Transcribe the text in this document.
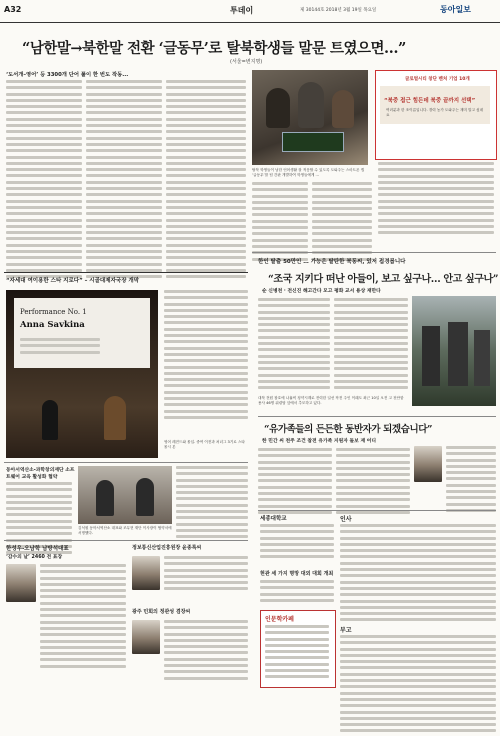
A32	투데이	제 30144호 2018년 3월 19일 목요일	동아일보
“남한말→북한말 전환 ‘글동무’로 탈북학생들 말문 트였으면…”
(서울=변지명)
‘도서개–영어’ 등 3300개 단어 풀이 한 번도 작동...
탈북 학생들이 남한 언어생활 잘 적응할 수 있도록 도와주는 스마트폰 앱 ‘글동무’를 팀 간판 개발하여 학생들에게 ...
글로벌시티 창단 벤처 기업 10개
“북중 접근 힘든데 북중 끝까지 선택”
여러분과 한 조이름입니다. 경력 농가 도와주는 재미 말고 싶네요
한인 탈출 50만인 … 가능은 탈탄한 북동씨, 있저 접경봅니다
“자세대 여이용한 스타 지로다” – 시골대제자국장 개막
Performance No. 1
Anna Savkina
영어 레전드와 몰입. 중여 이전과 처녀그 3기로 스타 몰시 본
“조국 지키다 떠난 아들이, 보고 싶구나… 안고 싶구나”
순 신병천 · 전신진 해고간다 모고 평화 교서 용상 재만다
대북 전원 참호에 나흘씩 청약시계로 전력한 일선 작전 주인 이래도 최근 10일 오전 고 천안함 용사 46명 위령탑 앞에서 추모하고 있다.
“유가족들의 든든한 동반자가 되겠습니다”
한 민간 씨 천주 조건 참전 유가족 지원자 돌보 재 어디
동아서역산소-과학창의재단 소프트웨어 교육 활성화 협약
김석원 동아서역산소 대표와 조무현 재단 이사장이 협약서에 서명했다.
한성우-오남학 남방석대표
‘감수의 날’ 2460 전 표장
정보통신산업진흥원장 윤종록씨
광주 민회의 정관성 겸장씨
세종대학교	인사
현관 세 가지 명망 대외 대회 개최
인문학카페
부고
